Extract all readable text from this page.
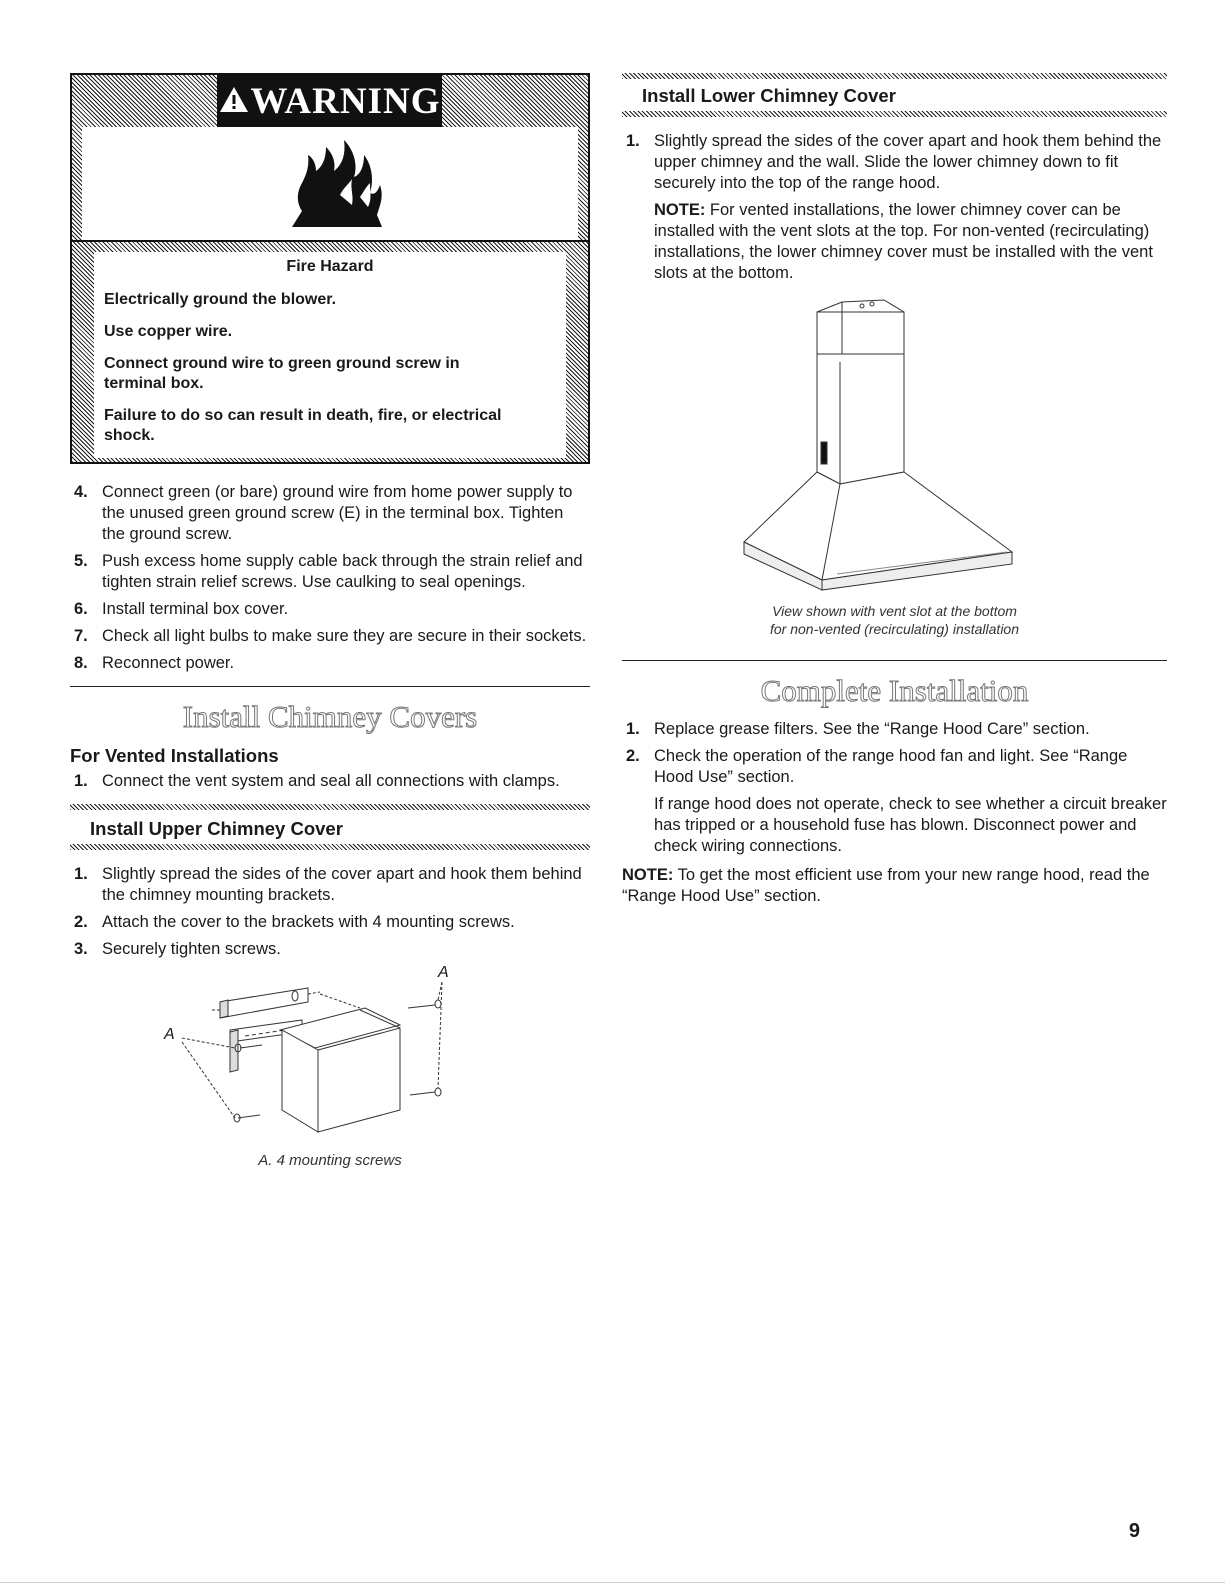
WARNING

Fire Hazard

Electrically ground the blower.

Use copper wire.

Connect ground wire to green ground screw in terminal box.

Failure to do so can result in death, fire, or electrical shock.

4. Connect green (or bare) ground wire from home power supply to the unused green ground screw (E) in the terminal box. Tighten the ground screw.
5. Push excess home supply cable back through the strain relief and tighten strain relief screws. Use caulking to seal openings.
6. Install terminal box cover.
7. Check all light bulbs to make sure they are secure in their sockets.
8. Reconnect power.
Install Chimney Covers
For Vented Installations
1. Connect the vent system and seal all connections with clamps.
Install Upper Chimney Cover
1. Slightly spread the sides of the cover apart and hook them behind the chimney mounting brackets.
2. Attach the cover to the brackets with 4 mounting screws.
3. Securely tighten screws.
A
A
A. 4 mounting screws
Install Lower Chimney Cover
1. Slightly spread the sides of the cover apart and hook them behind the upper chimney and the wall. Slide the lower chimney down to fit securely into the top of the range hood.

NOTE: For vented installations, the lower chimney cover can be installed with the vent slots at the top. For non-vented (recirculating) installations, the lower chimney cover must be installed with the vent slots at the bottom.

View shown with vent slot at the bottom
for non-vented (recirculating) installation
Complete Installation
1. Replace grease filters. See the “Range Hood Care” section.
2. Check the operation of the range hood fan and light. See “Range Hood Use” section.

If range hood does not operate, check to see whether a circuit breaker has tripped or a household fuse has blown. Disconnect power and check wiring connections.

NOTE: To get the most efficient use from your new range hood, read the “Range Hood Use” section.

9
